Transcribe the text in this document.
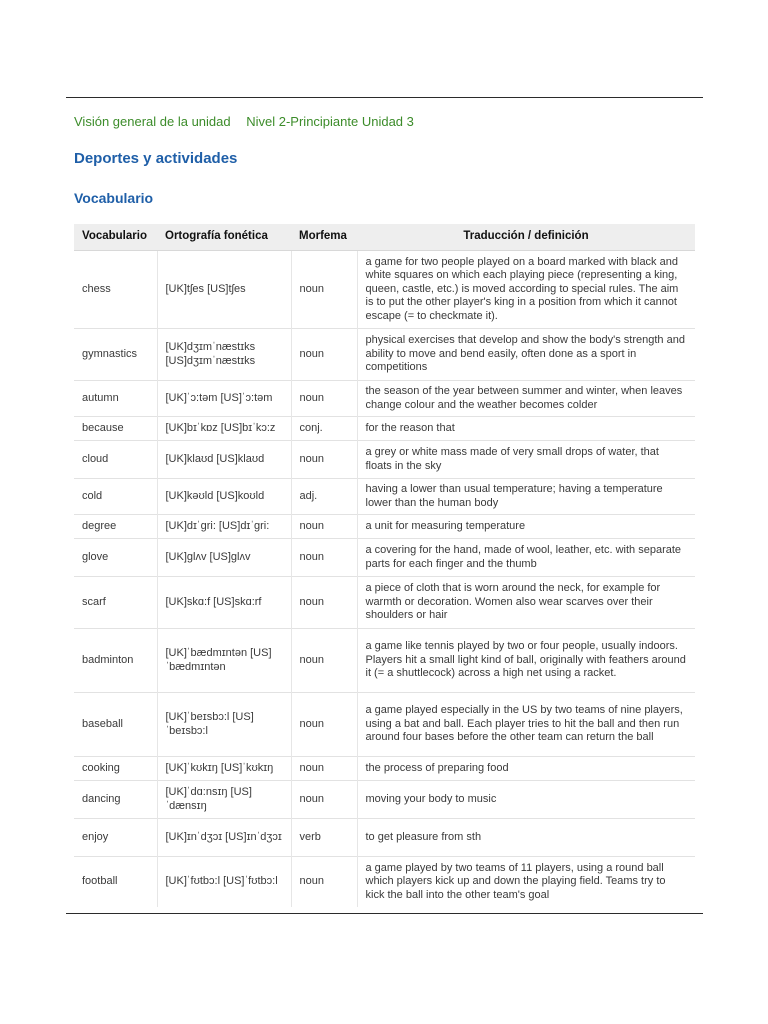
Visión general de la unidad Nivel 2-Principiante Unidad 3
Deportes y actividades
Vocabulario
Vocabulario	Ortografía fonética	Morfema	Traducción / definición
chess	[UK]tʃes [US]tʃes	noun	a game for two people played on a board marked with black and white squares on which each playing piece (representing a king, queen, castle, etc.) is moved according to special rules. The aim is to put the other player's king in a position from which it cannot escape (= to checkmate it).
gymnastics	[UK]dʒɪmˈnæstɪks [US]dʒɪmˈnæstɪks	noun	physical exercises that develop and show the body's strength and ability to move and bend easily, often done as a sport in competitions
autumn	[UK]ˈɔ:təm [US]ˈɔ:təm	noun	the season of the year between summer and winter, when leaves change colour and the weather becomes colder
because	[UK]bɪˈkɒz [US]bɪˈkɔ:z	conj.	for the reason that
cloud	[UK]klaʊd [US]klaʊd	noun	a grey or white mass made of very small drops of water, that floats in the sky
cold	[UK]kəʊld [US]koʊld	adj.	having a lower than usual temperature; having a temperature lower than the human body
degree	[UK]dɪˈgri: [US]dɪˈgri:	noun	a unit for measuring temperature
glove	[UK]glʌv [US]glʌv	noun	a covering for the hand, made of wool, leather, etc. with separate parts for each finger and the thumb
scarf	[UK]skɑ:f [US]skɑ:rf	noun	a piece of cloth that is worn around the neck, for example for warmth or decoration. Women also wear scarves over their shoulders or hair
badminton	[UK]ˈbædmɪntən [US]ˈbædmɪntən	noun	a game like tennis played by two or four people, usually indoors. Players hit a small light kind of ball, originally with feathers around it (= a shuttlecock) across a high net using a racket.
baseball	[UK]ˈbeɪsbɔ:l [US]ˈbeɪsbɔ:l	noun	a game played especially in the US by two teams of nine players, using a bat and ball. Each player tries to hit the ball and then run around four bases before the other team can return the ball
cooking	[UK]ˈkʊkɪŋ [US]ˈkʊkɪŋ	noun	the process of preparing food
dancing	[UK]ˈdɑ:nsɪŋ [US]ˈdænsɪŋ	noun	moving your body to music
enjoy	[UK]ɪnˈdʒɔɪ [US]ɪnˈdʒɔɪ	verb	to get pleasure from sth
football	[UK]ˈfʊtbɔ:l [US]ˈfʊtbɔ:l	noun	a game played by two teams of 11 players, using a round ball which players kick up and down the playing field. Teams try to kick the ball into the other team's goal
